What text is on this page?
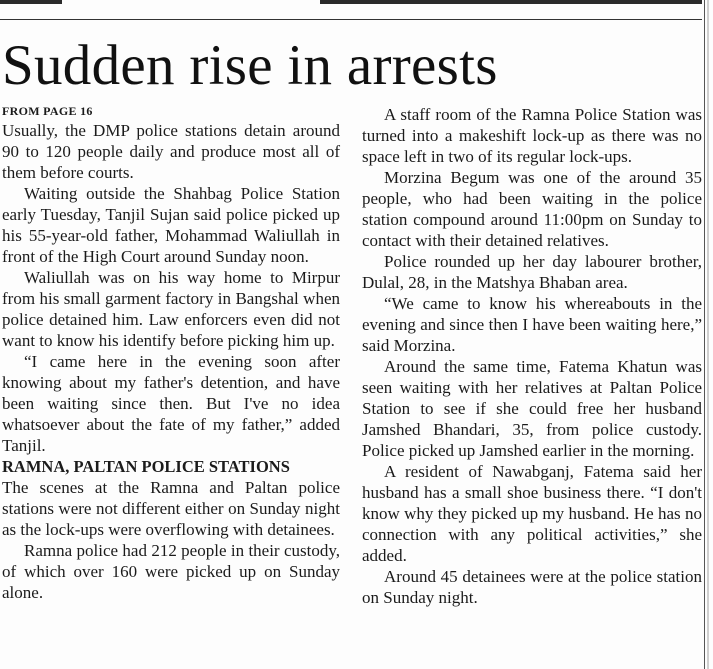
Sudden rise in arrests
FROM PAGE 16

Usually, the DMP police stations detain around 90 to 120 people daily and produce most all of them before courts.

Waiting outside the Shahbag Police Station early Tuesday, Tanjil Sujan said police picked up his 55-year-old father, Mohammad Waliullah in front of the High Court around Sunday noon.

Waliullah was on his way home to Mirpur from his small garment factory in Bangshal when police detained him. Law enforcers even did not want to know his identify before picking him up.

“I came here in the evening soon after knowing about my father's detention, and have been waiting since then. But I've no idea whatsoever about the fate of my father,” added Tanjil.

RAMNA, PALTAN POLICE STATIONS

The scenes at the Ramna and Paltan police stations were not different either on Sunday night as the lock-ups were overflowing with detainees.

Ramna police had 212 people in their custody, of which over 160 were picked up on Sunday alone.

A staff room of the Ramna Police Station was turned into a makeshift lock-up as there was no space left in two of its regular lock-ups.

Morzina Begum was one of the around 35 people, who had been waiting in the police station compound around 11:00pm on Sunday to contact with their detained relatives.

Police rounded up her day labourer brother, Dulal, 28, in the Matshya Bhaban area.

“We came to know his whereabouts in the evening and since then I have been waiting here,” said Morzina.

Around the same time, Fatema Khatun was seen waiting with her relatives at Paltan Police Station to see if she could free her husband Jamshed Bhandari, 35, from police custody. Police picked up Jamshed earlier in the morning.

A resident of Nawabganj, Fatema said her husband has a small shoe business there. “I don't know why they picked up my husband. He has no connection with any political activities,” she added.

Around 45 detainees were at the police station on Sunday night.
